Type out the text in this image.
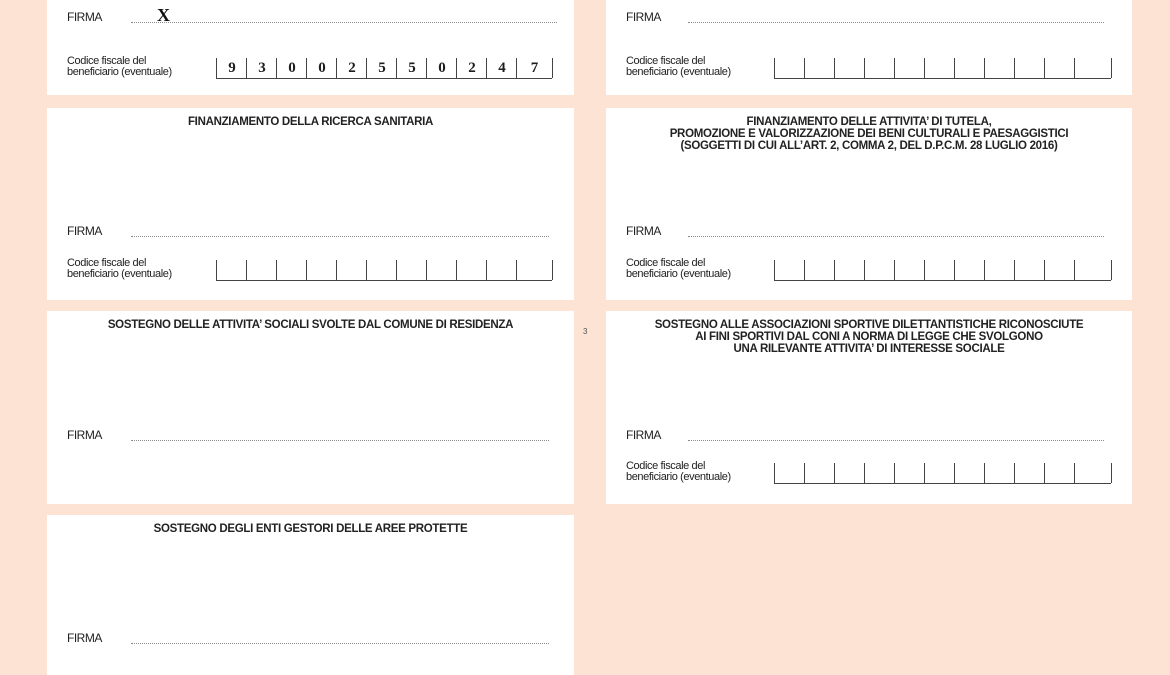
FIRMA	X
Codice fiscale del
beneficiario (eventuale)	9	3	0	0	2	5	5	0	2	4	7
FIRMA
Codice fiscale del
beneficiario (eventuale)
FINANZIAMENTO DELLA RICERCA SANITARIA
FIRMA
Codice fiscale del
beneficiario (eventuale)
FINANZIAMENTO DELLE ATTIVITA’ DI TUTELA,
PROMOZIONE E VALORIZZAZIONE DEI BENI CULTURALI E PAESAGGISTICI
(SOGGETTI DI CUI ALL’ART. 2, COMMA 2, DEL D.P.C.M. 28 LUGLIO 2016)
FIRMA
Codice fiscale del
beneficiario (eventuale)
SOSTEGNO DELLE ATTIVITA’ SOCIALI SVOLTE DAL COMUNE DI RESIDENZA
FIRMA
3
SOSTEGNO ALLE ASSOCIAZIONI SPORTIVE DILETTANTISTICHE RICONOSCIUTE
AI FINI SPORTIVI DAL CONI A NORMA DI LEGGE CHE SVOLGONO
UNA RILEVANTE ATTIVITA’ DI INTERESSE SOCIALE
FIRMA
Codice fiscale del
beneficiario (eventuale)
SOSTEGNO DEGLI ENTI GESTORI DELLE AREE PROTETTE
FIRMA
